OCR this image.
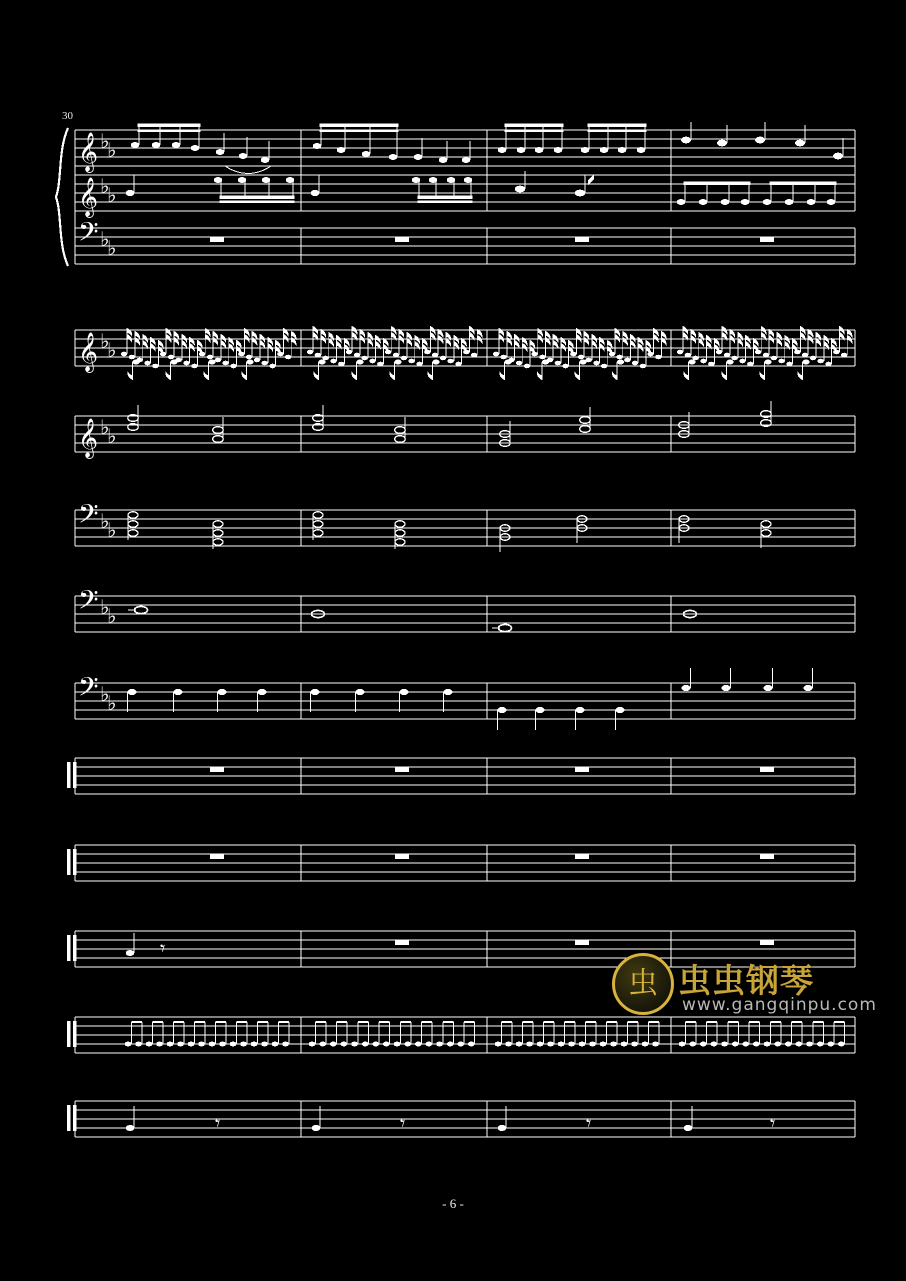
𝄞
𝄞
𝄢
♭
♭
♭
♭
♭
♭
𝄞 ♭
♭
𝄞 ♭
♭
𝄢 ♭
♭
𝄢 ♭
♭
𝄢 ♭
♭
𝄾
𝄾	𝄾	𝄾	𝄾
30
虫 虫虫钢琴
www.gangqinpu.com
- 6 -
